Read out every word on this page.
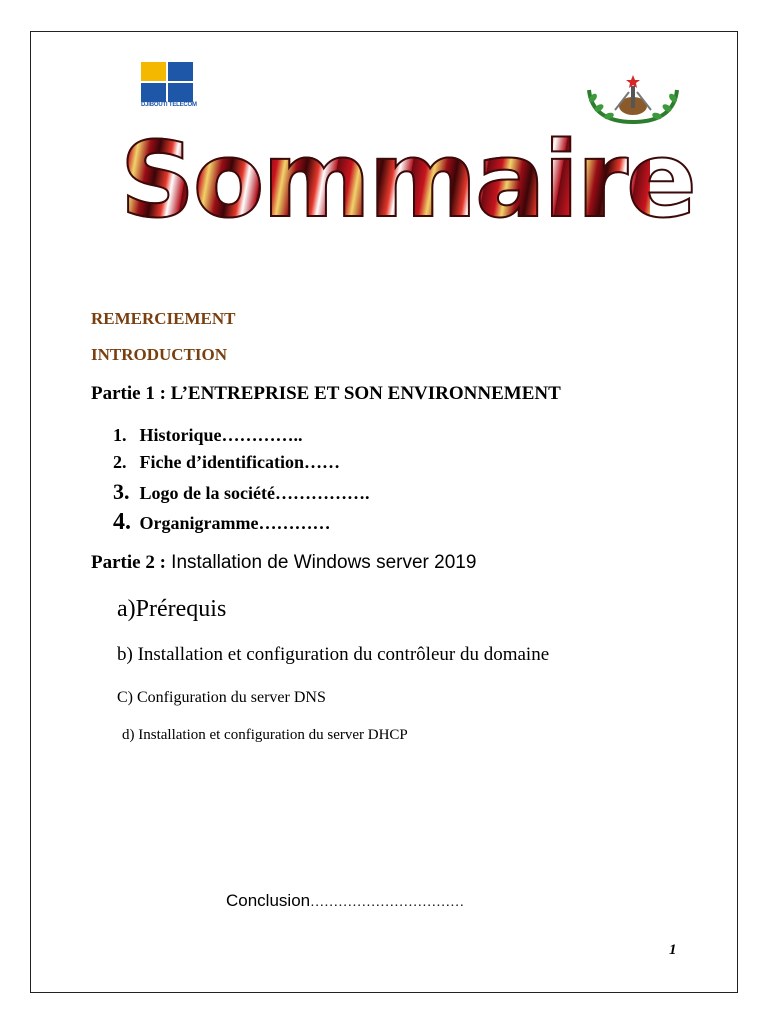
DJIBOUTI TELECOM
Sommaire
REMERCIEMENT
INTRODUCTION
Partie 1 : L’ENTREPRISE ET SON ENVIRONNEMENT
1. Historique…………..
2. Fiche d’identification……
3. Logo de la société…………….
4. Organigramme…………
Partie 2 : Installation de Windows server 2019
a)Prérequis
b) Installation et configuration du contrôleur du domaine
C) Configuration du server DNS
d) Installation et configuration du server DHCP
Conclusion……………………………
1
